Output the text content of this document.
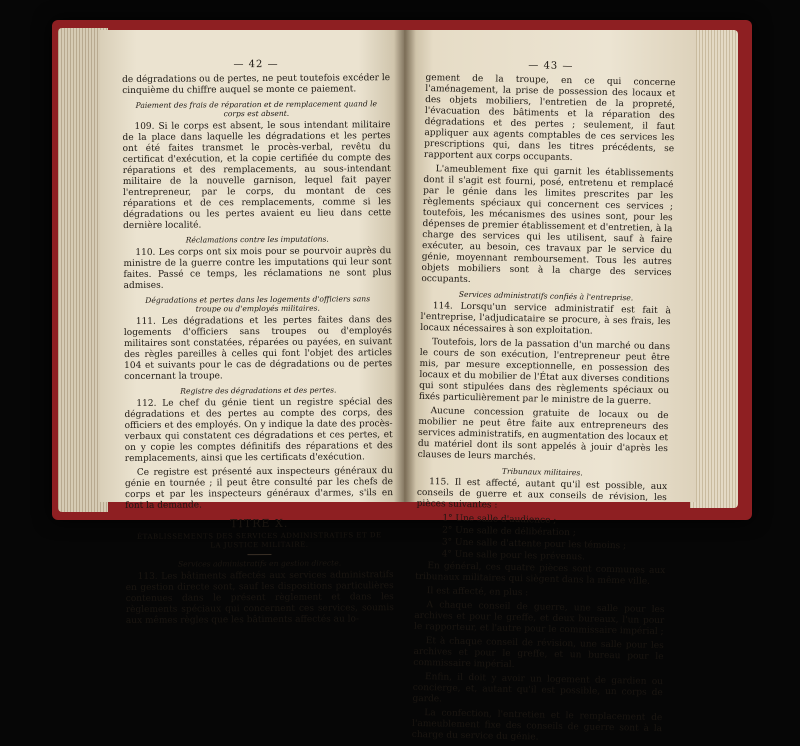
— 42 —

de dégradations ou de pertes, ne peut toutefois excéder le cinquième du chiffre auquel se monte ce paiement.

Paiement des frais de réparation et de remplacement quand le corps est absent.

109. Si le corps est absent, le sous intendant militaire de la place dans laquelle les dégradations et les pertes ont été faites transmet le procès-verbal, revêtu du certificat d'exécution, et la copie certifiée du compte des réparations et des remplacements, au sous-intendant militaire de la nouvelle garnison, lequel fait payer l'entrepreneur, par le corps, du montant de ces réparations et de ces remplacements, comme si les dégradations ou les pertes avaient eu lieu dans cette dernière localité.

Réclamations contre les imputations.

110. Les corps ont six mois pour se pourvoir auprès du ministre de la guerre contre les imputations qui leur sont faites. Passé ce temps, les réclamations ne sont plus admises.

Dégradations et pertes dans les logements d'officiers sans troupe ou d'employés militaires.

111. Les dégradations et les pertes faites dans des logements d'officiers sans troupes ou d'employés militaires sont constatées, réparées ou payées, en suivant des règles pareilles à celles qui font l'objet des articles 104 et suivants pour le cas de dégradations ou de pertes concernant la troupe.

Registre des dégradations et des pertes.

112. Le chef du génie tient un registre spécial des dégradations et des pertes au compte des corps, des officiers et des employés. On y indique la date des procès-verbaux qui constatent ces dégradations et ces pertes, et on y copie les comptes définitifs des réparations et des remplacements, ainsi que les certificats d'exécution.

Ce registre est présenté aux inspecteurs généraux du génie en tournée ; il peut être consulté par les chefs de corps et par les inspecteurs généraux d'armes, s'ils en font la demande.

TITRE X.
ÉTABLISSEMENTS DES SERVICES ADMINISTRATIFS ET DE LA JUSTICE MILITAIRE.
Services administratifs en gestion directe.

113. Les bâtiments affectés aux services administratifs en gestion directe sont, sauf les dispositions particulières contenues dans le présent règlement et dans les règlements spéciaux qui concernent ces services, soumis aux mêmes règles que les bâtiments affectés au lo-

— 43 —

gement de la troupe, en ce qui concerne l'aménagement, la prise de possession des locaux et des objets mobiliers, l'entretien de la propreté, l'évacuation des bâtiments et la réparation des dégradations et des pertes ; seulement, il faut appliquer aux agents comptables de ces services les prescriptions qui, dans les titres précédents, se rapportent aux corps occupants.

L'ameublement fixe qui garnit les établissements dont il s'agit est fourni, posé, entretenu et remplacé par le génie dans les limites prescrites par les règlements spéciaux qui concernent ces services ; toutefois, les mécanismes des usines sont, pour les dépenses de premier établissement et d'entretien, à la charge des services qui les utilisent, sauf à faire exécuter, au besoin, ces travaux par le service du génie, moyennant remboursement. Tous les autres objets mobiliers sont à la charge des services occupants.

Services administratifs confiés à l'entreprise.

114. Lorsqu'un service administratif est fait à l'entreprise, l'adjudicataire se procure, à ses frais, les locaux nécessaires à son exploitation.

Toutefois, lors de la passation d'un marché ou dans le cours de son exécution, l'entrepreneur peut être mis, par mesure exceptionnelle, en possession des locaux et du mobilier de l'État aux diverses conditions qui sont stipulées dans des règlements spéciaux ou fixés particulièrement par le ministre de la guerre.

Aucune concession gratuite de locaux ou de mobilier ne peut être faite aux entrepreneurs des services administratifs, en augmentation des locaux et du matériel dont ils sont appelés à jouir d'après les clauses de leurs marchés.

Tribunaux militaires.

115. Il est affecté, autant qu'il est possible, aux conseils de guerre et aux conseils de révision, les pièces suivantes :

1° Une salle d'audience ;

2° Une salle de délibération ;

3° Une salle d'attente pour les témoins ;

4° Une salle pour les prévenus.

En général, ces quatre pièces sont communes aux tribunaux militaires qui siègent dans la même ville.

Il est affecté, en plus :

A chaque conseil de guerre, une salle pour les archives et pour le greffe, et deux bureaux, l'un pour le rapporteur, et l'autre pour le commissaire impérial ;

Et à chaque conseil de révision, une salle pour les archives et pour le greffe, et un bureau pour le commissaire impérial.

Enfin, il doit y avoir un logement de gardien ou concierge, et, autant qu'il est possible, un corps de garde.

La confection, l'entretien et le remplacement de l'ameublement fixe des conseils de guerre sont à la charge du service du génie.
